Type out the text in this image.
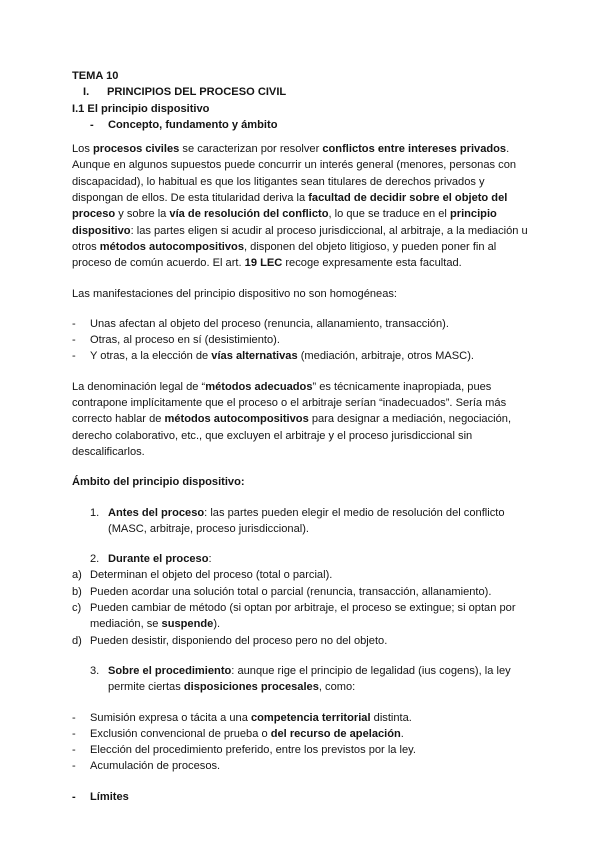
TEMA 10

I.	PRINCIPIOS DEL PROCESO CIVIL

I.1 El principio dispositivo

-	Concepto, fundamento y ámbito

Los procesos civiles se caracterizan por resolver conflictos entre intereses privados. Aunque en algunos supuestos puede concurrir un interés general (menores, personas con discapacidad), lo habitual es que los litigantes sean titulares de derechos privados y dispongan de ellos. De esta titularidad deriva la facultad de decidir sobre el objeto del proceso y sobre la vía de resolución del conflicto, lo que se traduce en el principio dispositivo: las partes eligen si acudir al proceso jurisdiccional, al arbitraje, a la mediación u otros métodos autocompositivos, disponen del objeto litigioso, y pueden poner fin al proceso de común acuerdo. El art. 19 LEC recoge expresamente esta facultad.

Las manifestaciones del principio dispositivo no son homogéneas:

-	Unas afectan al objeto del proceso (renuncia, allanamiento, transacción).
-	Otras, al proceso en sí (desistimiento).
-	Y otras, a la elección de vías alternativas (mediación, arbitraje, otros MASC).

La denominación legal de “métodos adecuados” es técnicamente inapropiada, pues contrapone implícitamente que el proceso o el arbitraje serían “inadecuados”. Sería más correcto hablar de métodos autocompositivos para designar a mediación, negociación, derecho colaborativo, etc., que excluyen el arbitraje y el proceso jurisdiccional sin descalificarlos.

Ámbito del principio dispositivo:

1. Antes del proceso: las partes pueden elegir el medio de resolución del conflicto (MASC, arbitraje, proceso jurisdiccional).
2. Durante el proceso:
a) Determinan el objeto del proceso (total o parcial).
b) Pueden acordar una solución total o parcial (renuncia, transacción, allanamiento).
c) Pueden cambiar de método (si optan por arbitraje, el proceso se extingue; si optan por mediación, se suspende).
d) Pueden desistir, disponiendo del proceso pero no del objeto.
3. Sobre el procedimiento: aunque rige el principio de legalidad (ius cogens), la ley permite ciertas disposiciones procesales, como:
-	Sumisión expresa o tácita a una competencia territorial distinta.
-	Exclusión convencional de prueba o del recurso de apelación.
-	Elección del procedimiento preferido, entre los previstos por la ley.
-	Acumulación de procesos.
-	Límites
